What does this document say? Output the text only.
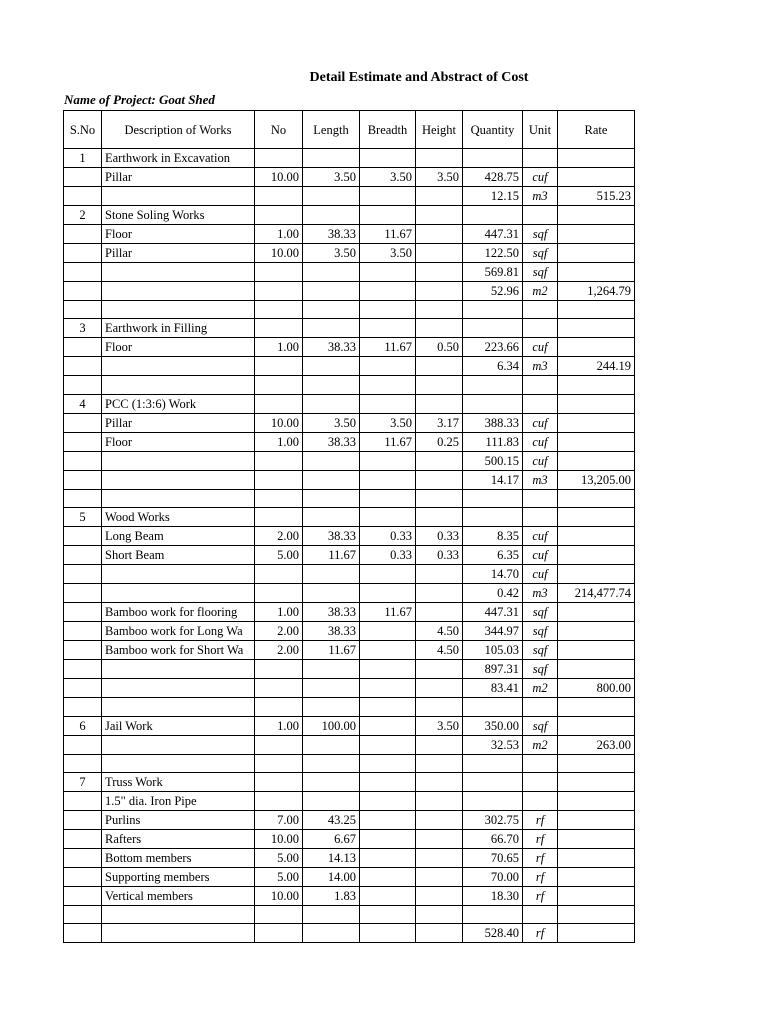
Detail Estimate and Abstract of Cost
Name of Project: Goat Shed
S.No	Description of Works	No	Length	Breadth	Height	Quantity	Unit	Rate
1	Earthwork in Excavation							
	Pillar	10.00	3.50	3.50	3.50	428.75	cuf	
						12.15	m3	515.23
2	Stone Soling Works							
	Floor	1.00	38.33	11.67		447.31	sqf	
	Pillar	10.00	3.50	3.50		122.50	sqf	
						569.81	sqf	
						52.96	m2	1,264.79

3	Earthwork in Filling							
	Floor	1.00	38.33	11.67	0.50	223.66	cuf	
						6.34	m3	244.19

4	PCC (1:3:6) Work							
	Pillar	10.00	3.50	3.50	3.17	388.33	cuf	
	Floor	1.00	38.33	11.67	0.25	111.83	cuf	
						500.15	cuf	
						14.17	m3	13,205.00

5	Wood Works							
	Long Beam	2.00	38.33	0.33	0.33	8.35	cuf	
	Short Beam	5.00	11.67	0.33	0.33	6.35	cuf	
						14.70	cuf	
						0.42	m3	214,477.74
	Bamboo work for flooring	1.00	38.33	11.67		447.31	sqf	
	Bamboo work for Long Wa	2.00	38.33		4.50	344.97	sqf	
	Bamboo work for Short Wa	2.00	11.67		4.50	105.03	sqf	
						897.31	sqf	
						83.41	m2	800.00

6	Jail Work	1.00	100.00		3.50	350.00	sqf	
						32.53	m2	263.00

7	Truss Work							
	1.5" dia. Iron Pipe							
	Purlins	7.00	43.25			302.75	rf	
	Rafters	10.00	6.67			66.70	rf	
	Bottom members	5.00	14.13			70.65	rf	
	Supporting members	5.00	14.00			70.00	rf	
	Vertical members	10.00	1.83			18.30	rf	

						528.40	rf	
